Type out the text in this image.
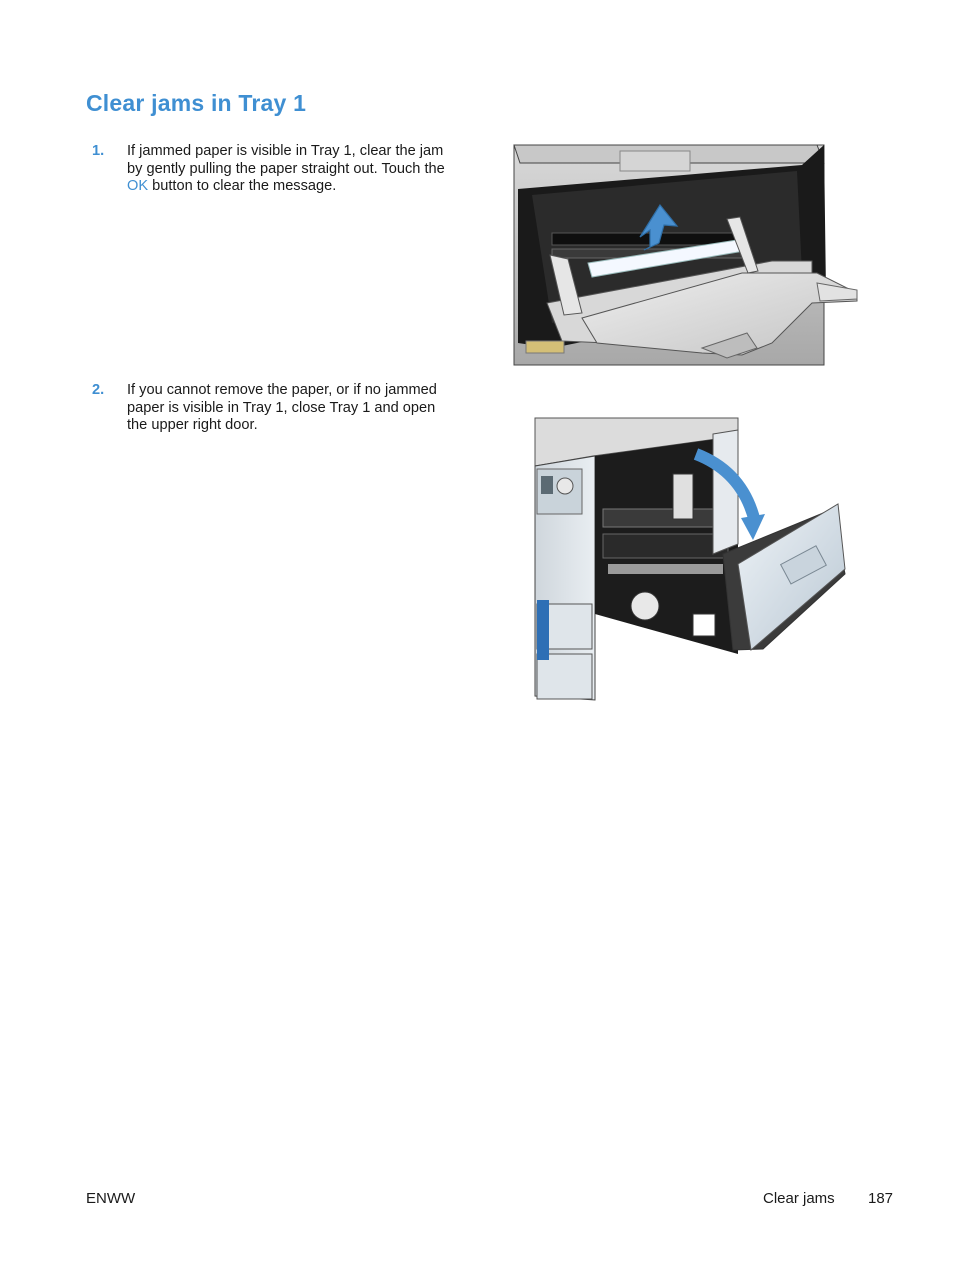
Clear jams in Tray 1
1. If jammed paper is visible in Tray 1, clear the jam by gently pulling the paper straight out. Touch the OK button to clear the message.
2. If you cannot remove the paper, or if no jammed paper is visible in Tray 1, close Tray 1 and open the upper right door.
ENWW	Clear jams 187
